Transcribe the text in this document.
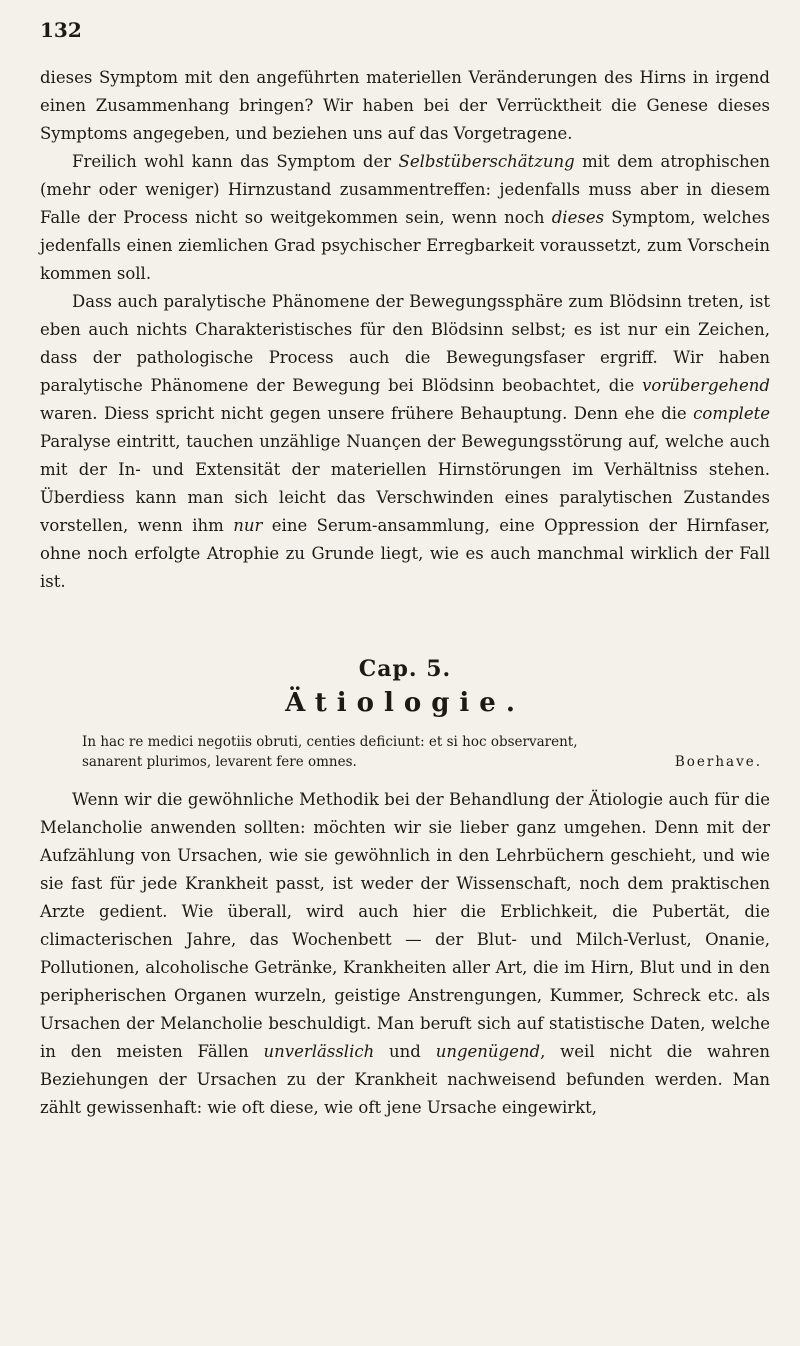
132

dieses Symptom mit den angeführten materiellen Veränderungen des Hirns in irgend einen Zusammenhang bringen? Wir haben bei der Verrücktheit die Genese dieses Symptoms angegeben, und beziehen uns auf das Vorgetragene.

Freilich wohl kann das Symptom der Selbstüberschätzung mit dem atrophischen (mehr oder weniger) Hirnzustand zusammentreffen: jedenfalls muss aber in diesem Falle der Process nicht so weitgekommen sein, wenn noch dieses Symptom, welches jedenfalls einen ziemlichen Grad psychischer Erregbarkeit voraussetzt, zum Vorschein kommen soll.

Dass auch paralytische Phänomene der Bewegungssphäre zum Blödsinn treten, ist eben auch nichts Charakteristisches für den Blödsinn selbst; es ist nur ein Zeichen, dass der pathologische Process auch die Bewegungsfaser ergriff. Wir haben paralytische Phänomene der Bewegung bei Blödsinn beobachtet, die vorübergehend waren. Diess spricht nicht gegen unsere frühere Behauptung. Denn ehe die complete Paralyse eintritt, tauchen unzählige Nuançen der Bewegungsstörung auf, welche auch mit der In- und Extensität der materiellen Hirnstörungen im Verhältniss stehen. Überdiess kann man sich leicht das Verschwinden eines paralytischen Zustandes vorstellen, wenn ihm nur eine Serum-ansammlung, eine Oppression der Hirnfaser, ohne noch erfolgte Atrophie zu Grunde liegt, wie es auch manchmal wirklich der Fall ist.

Cap. 5.
Ätiologie.
In hac re medici negotiis obruti, centies deficiunt: et si hoc observarent,
Boerhave.
sanarent plurimos, levarent fere omnes.

Wenn wir die gewöhnliche Methodik bei der Behandlung der Ätiologie auch für die Melancholie anwenden sollten: möchten wir sie lieber ganz umgehen. Denn mit der Aufzählung von Ursachen, wie sie gewöhnlich in den Lehrbüchern geschieht, und wie sie fast für jede Krankheit passt, ist weder der Wissenschaft, noch dem praktischen Arzte gedient. Wie überall, wird auch hier die Erblichkeit, die Pubertät, die climacterischen Jahre, das Wochenbett — der Blut- und Milch-Verlust, Onanie, Pollutionen, alcoholische Getränke, Krankheiten aller Art, die im Hirn, Blut und in den peripherischen Organen wurzeln, geistige Anstrengungen, Kummer, Schreck etc. als Ursachen der Melancholie beschuldigt. Man beruft sich auf statistische Daten, welche in den meisten Fällen unverlässlich und ungenügend, weil nicht die wahren Beziehungen der Ursachen zu der Krankheit nachweisend befunden werden. Man zählt gewissenhaft: wie oft diese, wie oft jene Ursache eingewirkt,
